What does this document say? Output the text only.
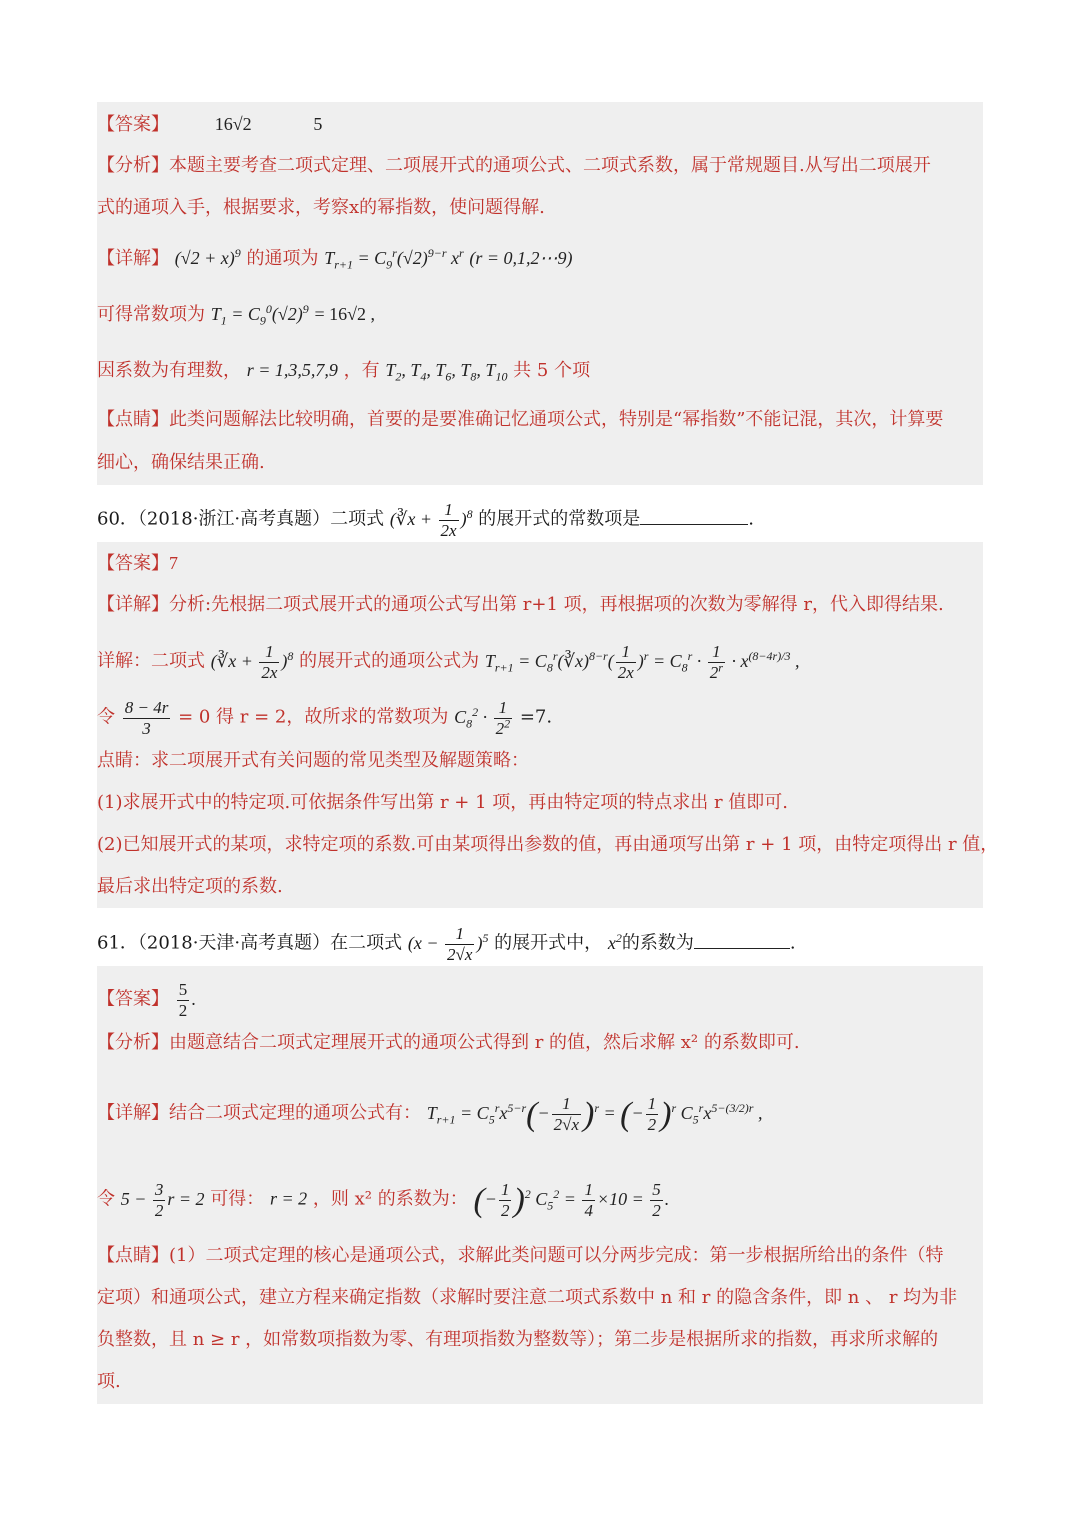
【答案】	16√2	5
【分析】本题主要考查二项式定理、二项展开式的通项公式、二项式系数，属于常规题目.从写出二项展开
式的通项入手，根据要求，考察x的幂指数，使问题得解.
【详解】 $(√2 + x)^9$ 的通项为 $T_{r+1} = C_9^r(√2)^{9-r}$ $x^r$ (r = 0,1,2⋯9)
可得常数项为 $T_1 = C_9^0(√2)^9 = 16√2$ ,
因系数为有理数， r = 1,3,5,7,9 ，有 $T_2$, $T_4$, $T_6$, $T_8$, $T_{10}$ 共 5 个项
【点睛】此类问题解法比较明确，首要的是要准确记忆通项公式，特别是“幂指数”不能记混，其次，计算要
细心，确保结果正确.
60．（2018·浙江·高考真题）二项式 (∛x + $\frac{1}{2x} )^8$ 的展开式的常数项是	.
【答案】7
【详解】分析:先根据二项式展开式的通项公式写出第 r+1 项，再根据项的次数为零解得 r，代入即得结果.
详解：二项式 (∛x + $\frac{1}{2x} )^8$ 的展开式的通项公式为 $T_{r+1}$ = $C_8^r(∛x)^{8-r}( \frac{1}{2x} )^r = C_8^r \cdot \frac{1}{2^r} \cdot x^{(8-4r)/3}$ ,
令 $\frac{8 - 4r}{3} = 0$ 得 r = 2，故所求的常数项为 $C_8^2 \cdot \frac{1}{2^2} =7$.
点睛：求二项展开式有关问题的常见类型及解题策略：
(1)求展开式中的特定项.可依据条件写出第 r + 1 项，再由特定项的特点求出 r 值即可.
(2)已知展开式的某项，求特定项的系数.可由某项得出参数的值，再由通项写出第 r + 1 项，由特定项得出 r 值，
最后求出特定项的系数.
61．（2018·天津·高考真题）在二项式 $(x - \frac{1}{2√x} )^5$ 的展开式中， $x^2$的系数为	.
【答案】 $\frac{5}{2}$ .
【分析】由题意结合二项式定理展开式的通项公式得到 r 的值，然后求解 x² 的系数即可.
【详解】结合二项式定理的通项公式有： $T_{r+1} = C_5^rx^{5-r}(- \frac{1}{2√x} )^r$ = (− $\frac{1}{2} )^r$ $C_5^rx^{5-(3/2)r}$ ,
令 $5 - \frac{3}{2}$ r = 2 可得： r = 2 ，则 x² 的系数为： (− $\frac{1}{2} )^2$ $C_5^2 = \frac{1}{4} \times 10 = \frac{5}{2}$ .
【点睛】(1）二项式定理的核心是通项公式，求解此类问题可以分两步完成：第一步根据所给出的条件（特
定项）和通项公式，建立方程来确定指数（求解时要注意二项式系数中 n 和 r 的隐含条件，即 n 、 r 均为非
负整数，且 n ≥ r ，如常数项指数为零、有理项指数为整数等）；第二步是根据所求的指数，再求所求解的
项.
